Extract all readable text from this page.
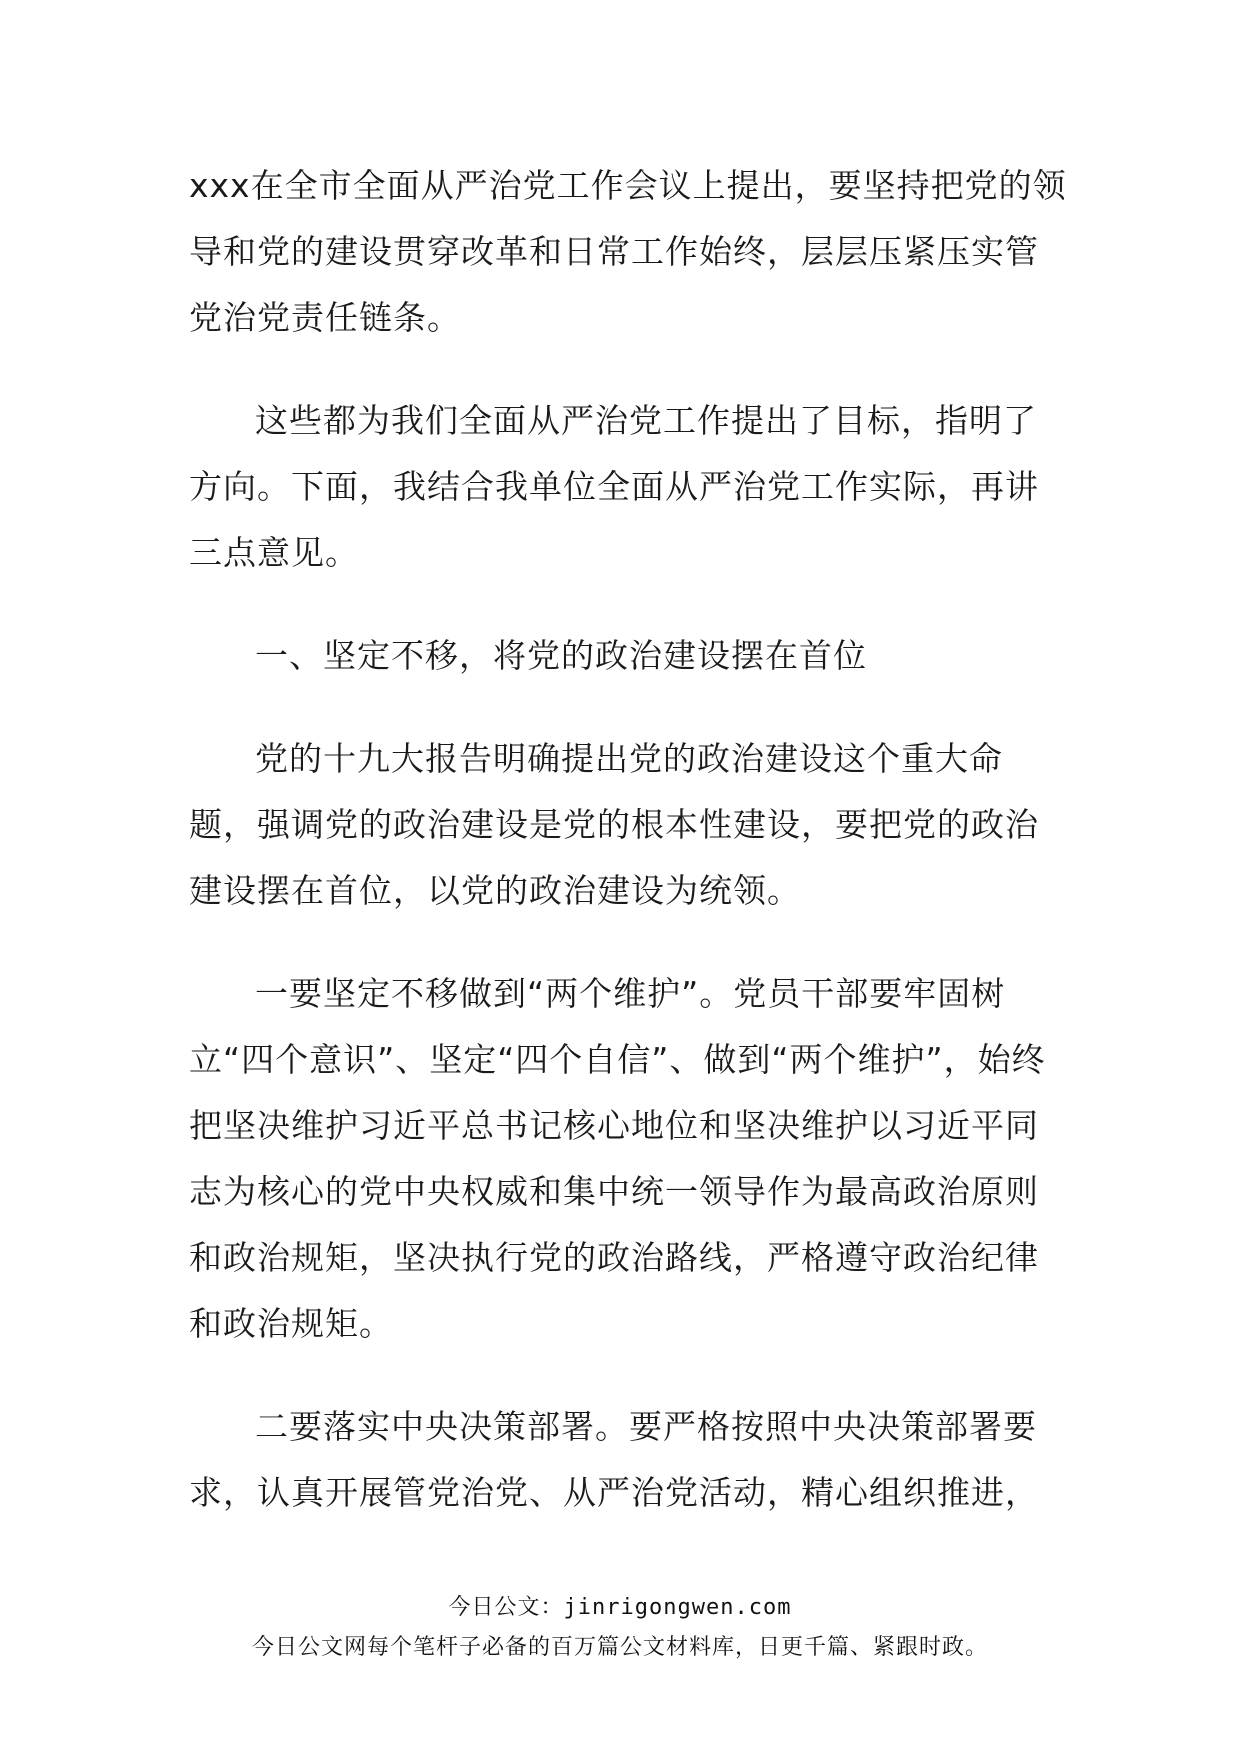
xxx在全市全面从严治党工作会议上提出，要坚持把党的领导和党的建设贯穿改革和日常工作始终，层层压紧压实管党治党责任链条。

这些都为我们全面从严治党工作提出了目标，指明了方向。下面，我结合我单位全面从严治党工作实际，再讲三点意见。

一、坚定不移，将党的政治建设摆在首位

党的十九大报告明确提出党的政治建设这个重大命题，强调党的政治建设是党的根本性建设，要把党的政治建设摆在首位，以党的政治建设为统领。

一要坚定不移做到“两个维护”。党员干部要牢固树立“四个意识”、坚定“四个自信”、做到“两个维护”，始终把坚决维护习近平总书记核心地位和坚决维护以习近平同志为核心的党中央权威和集中统一领导作为最高政治原则和政治规矩，坚决执行党的政治路线，严格遵守政治纪律和政治规矩。

二要落实中央决策部署。要严格按照中央决策部署要求，认真开展管党治党、从严治党活动，精心组织推进，

今日公文：jinrigongwen.com
今日公文网每个笔杆子必备的百万篇公文材料库，日更千篇、紧跟时政。
